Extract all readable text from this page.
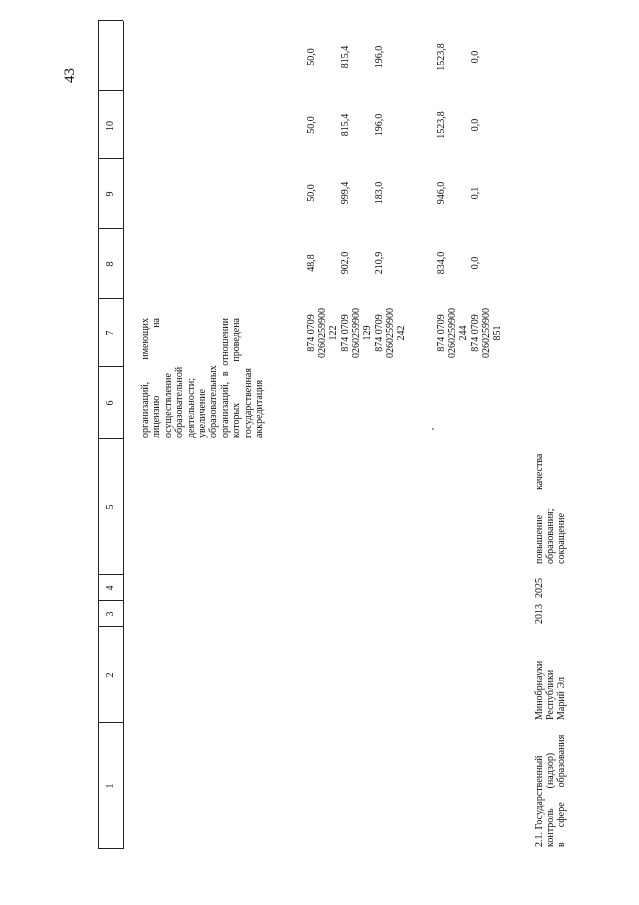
43
1
2
3
4
5
6
7
8
9
10
организаций, имеющих лицензию на осуществление образовательной деятельности; увеличение образовательных организаций, в отношении которых проведена государственная аккредитация
874 0709
0260259900
122
48,8
50,0
50,0
50,0
874 0709
0260259900
129
902,0
999,4
815,4
815,4
874 0709
0260259900
242
210,9
183,0
196,0
196,0
874 0709
0260259900
244
834,0
946,0
1523,8
1523,8
874 0709
0260259900
851
0,0
0,1
0,0
0,0
2.1. Государственный
контроль        (надзор)
в      сфере      образования
Минобрнауки
Республики
Марий Эл
2013
2025
повышение          качества
образования;
сокращение
